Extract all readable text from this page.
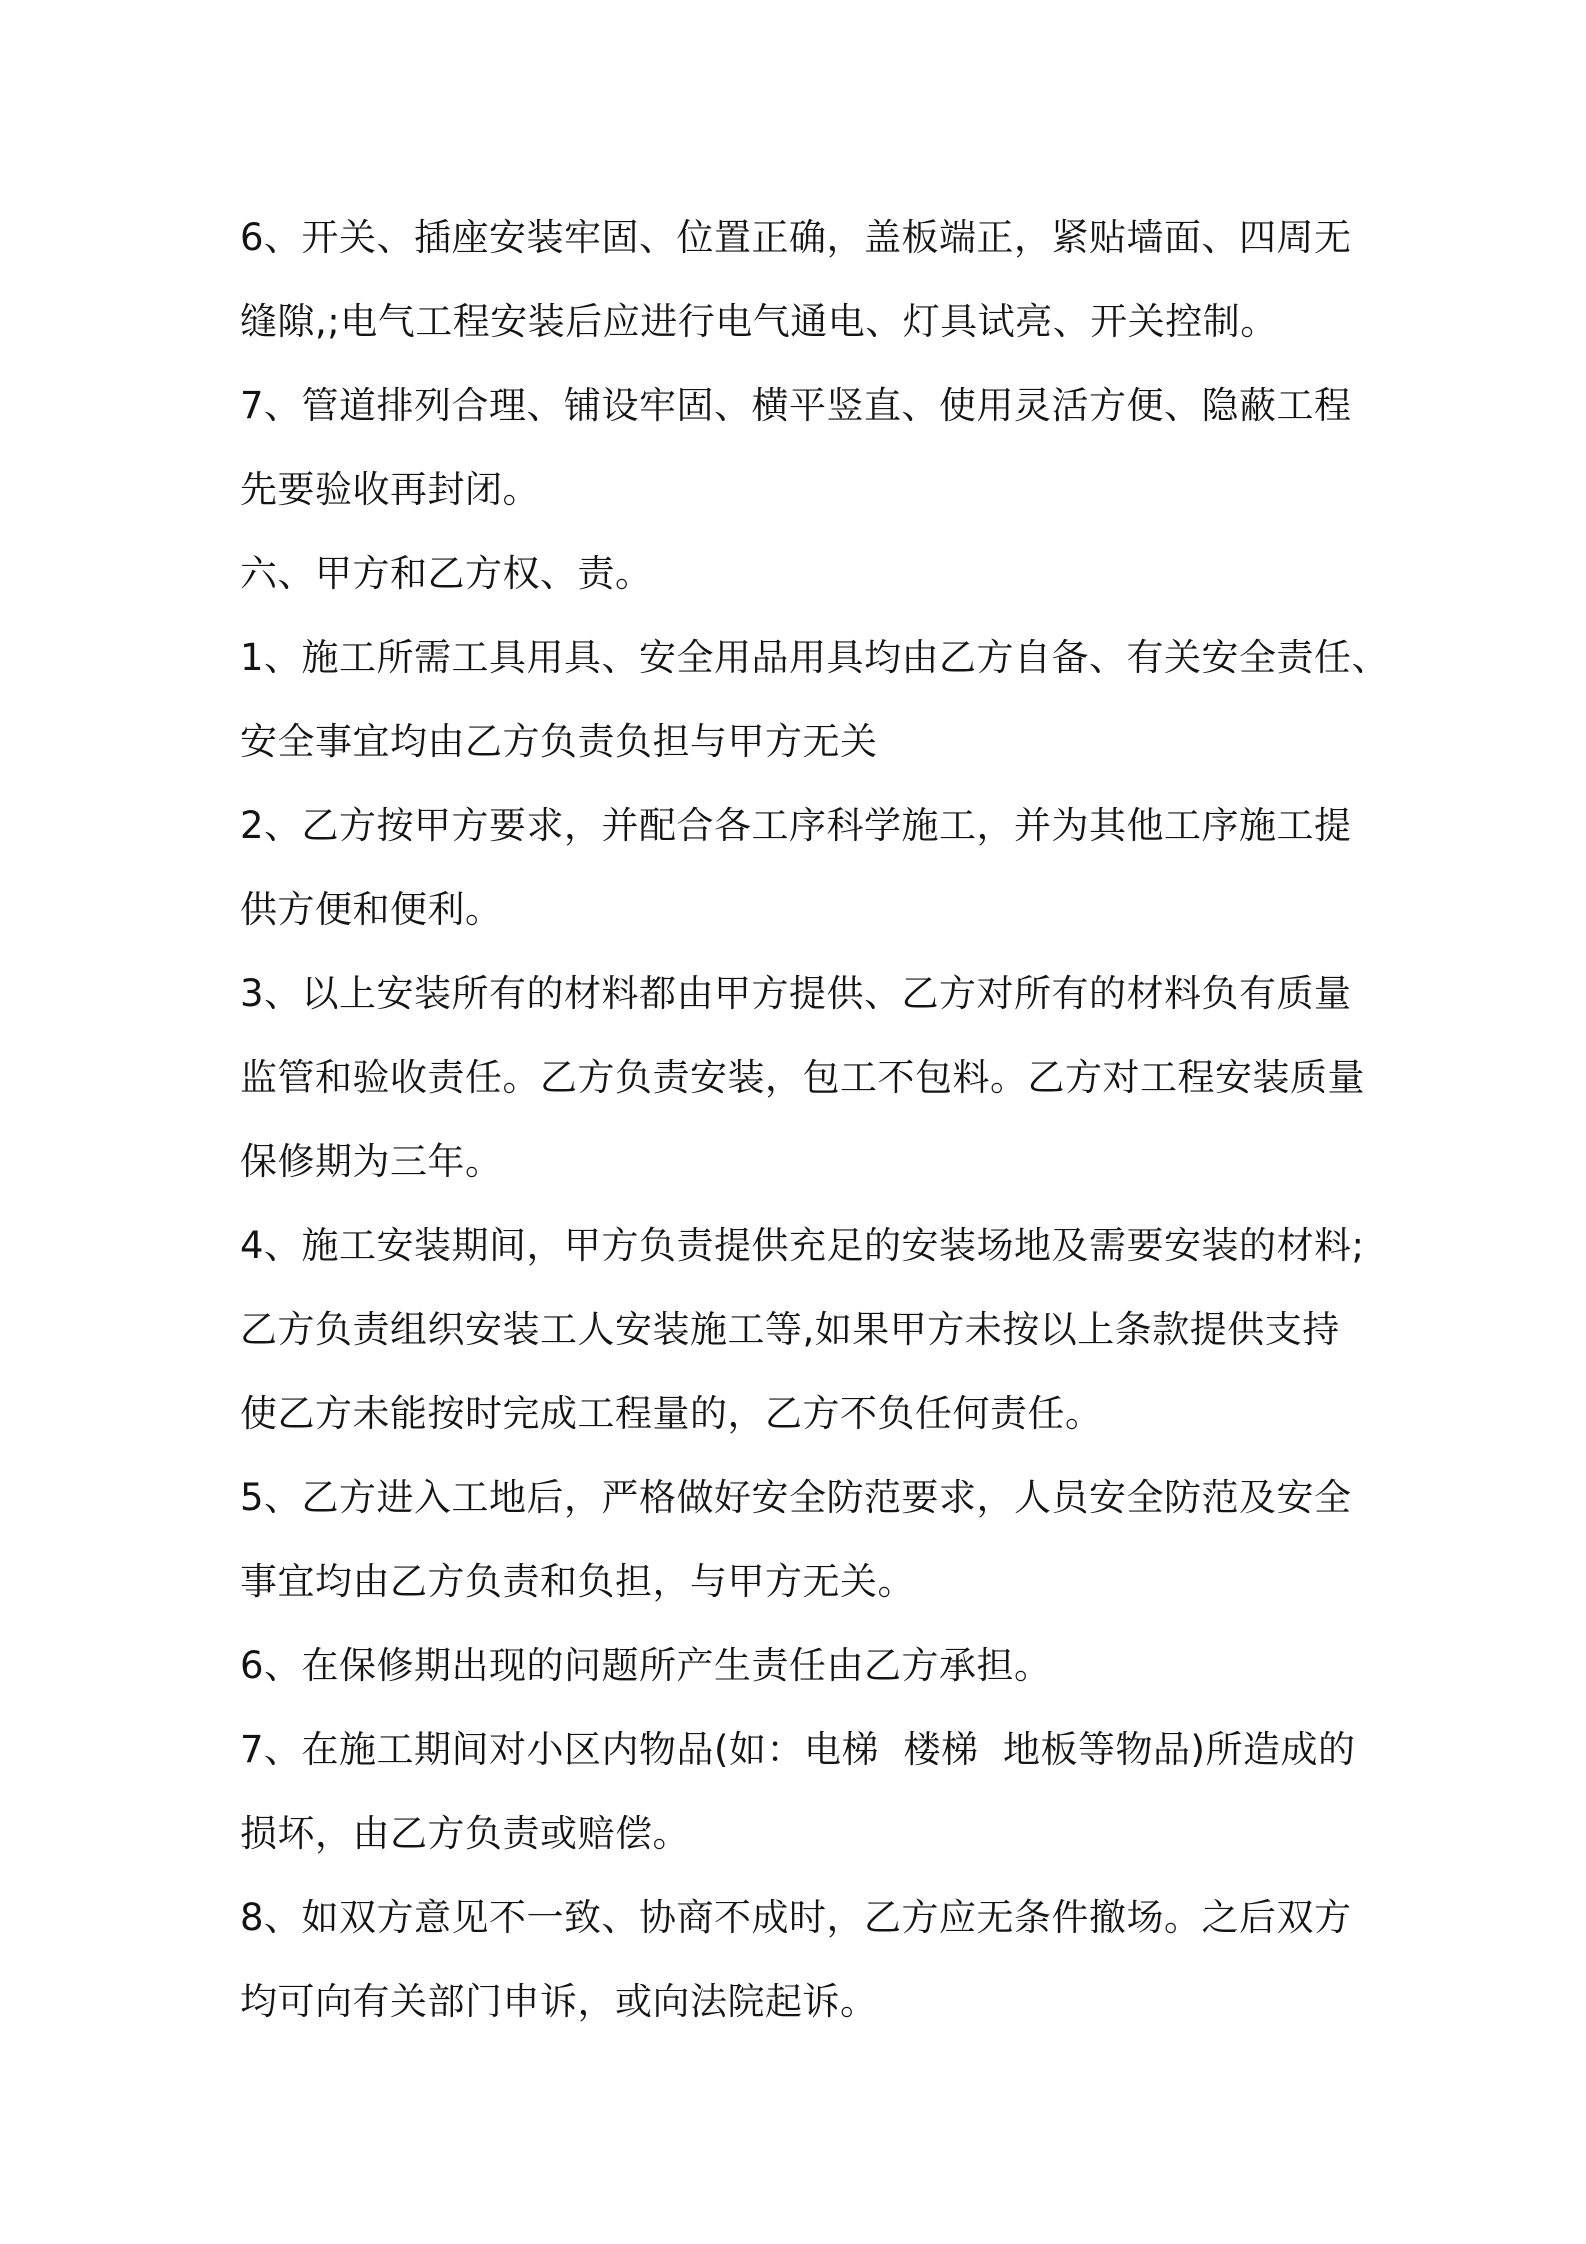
6、开关、插座安装牢固、位置正确，盖板端正，紧贴墙面、四周无
缝隙,;电气工程安装后应进行电气通电、灯具试亮、开关控制。
7、管道排列合理、铺设牢固、横平竖直、使用灵活方便、隐蔽工程
先要验收再封闭。
六、甲方和乙方权、责。
1、施工所需工具用具、安全用品用具均由乙方自备、有关安全责任、
安全事宜均由乙方负责负担与甲方无关
2、乙方按甲方要求，并配合各工序科学施工，并为其他工序施工提
供方便和便利。
3、以上安装所有的材料都由甲方提供、乙方对所有的材料负有质量
监管和验收责任。乙方负责安装，包工不包料。乙方对工程安装质量
保修期为三年。
4、施工安装期间，甲方负责提供充足的安装场地及需要安装的材料;
乙方负责组织安装工人安装施工等,如果甲方未按以上条款提供支持
使乙方未能按时完成工程量的，乙方不负任何责任。
5、乙方进入工地后，严格做好安全防范要求，人员安全防范及安全
事宜均由乙方负责和负担，与甲方无关。
6、在保修期出现的问题所产生责任由乙方承担。
7、在施工期间对小区内物品(如：电梯  楼梯  地板等物品)所造成的
损坏，由乙方负责或赔偿。
8、如双方意见不一致、协商不成时，乙方应无条件撤场。之后双方
均可向有关部门申诉，或向法院起诉。
